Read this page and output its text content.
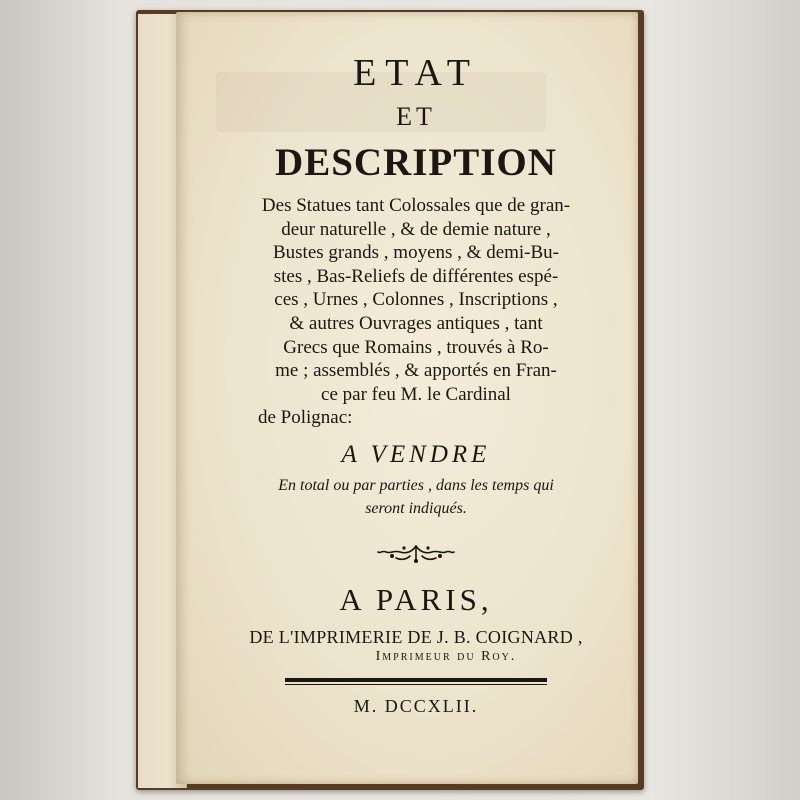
ETAT
ET
DESCRIPTION
Des Statues tant Colossales que de gran-
deur naturelle , & de demie nature ,
Bustes grands , moyens , & demi-Bu-
stes , Bas-Reliefs de différentes espé-
ces , Urnes , Colonnes , Inscriptions ,
& autres Ouvrages antiques , tant
Grecs que Romains , trouvés à Ro-
me ; assemblés , & apportés en Fran-
ce par feu M. le Cardinal
de Polignac:
A VENDRE
En total ou par parties , dans les temps qui
seront indiqués.
A PARIS,
DE L'IMPRIMERIE DE J. B. COIGNARD ,
Imprimeur du Roy.
M. DCCXLII.
